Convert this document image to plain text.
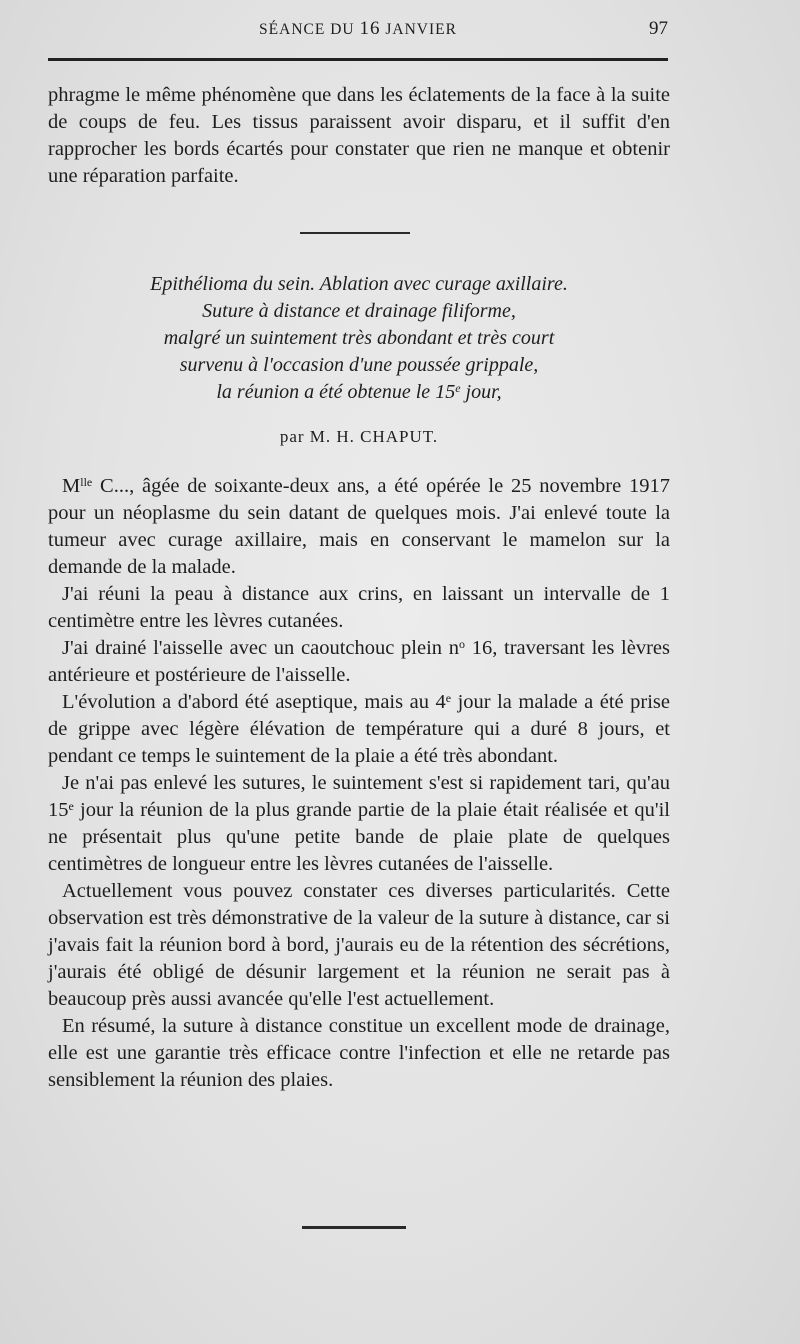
SÉANCE DU 16 JANVIER	97

phragme le même phénomène que dans les éclatements de la face à la suite de coups de feu. Les tissus paraissent avoir disparu, et il suffit d'en rapprocher les bords écartés pour constater que rien ne manque et obtenir une réparation parfaite.

Epithélioma du sein. Ablation avec curage axillaire.
Suture à distance et drainage filiforme,
malgré un suintement très abondant et très court
survenu à l'occasion d'une poussée grippale,
la réunion a été obtenue le 15e jour,
par M. H. CHAPUT.

$M^{lle}$ C..., âgée de soixante-deux ans, a été opérée le 25 novembre 1917 pour un néoplasme du sein datant de quelques mois. J'ai enlevé toute la tumeur avec curage axillaire, mais en conservant le mamelon sur la demande de la malade.

J'ai réuni la peau à distance aux crins, en laissant un intervalle de 1 centimètre entre les lèvres cutanées.

J'ai drainé l'aisselle avec un caoutchouc plein $n^o$ 16, traversant les lèvres antérieure et postérieure de l'aisselle.

L'évolution a d'abord été aseptique, mais au 4e jour la malade a été prise de grippe avec légère élévation de température qui a duré 8 jours, et pendant ce temps le suintement de la plaie a été très abondant.

Je n'ai pas enlevé les sutures, le suintement s'est si rapidement tari, qu'au 15e jour la réunion de la plus grande partie de la plaie était réalisée et qu'il ne présentait plus qu'une petite bande de plaie plate de quelques centimètres de longueur entre les lèvres cutanées de l'aisselle.

Actuellement vous pouvez constater ces diverses particularités. Cette observation est très démonstrative de la valeur de la suture à distance, car si j'avais fait la réunion bord à bord, j'aurais eu de la rétention des sécrétions, j'aurais été obligé de désunir largement et la réunion ne serait pas à beaucoup près aussi avancée qu'elle l'est actuellement.

En résumé, la suture à distance constitue un excellent mode de drainage, elle est une garantie très efficace contre l'infection et elle ne retarde pas sensiblement la réunion des plaies.
